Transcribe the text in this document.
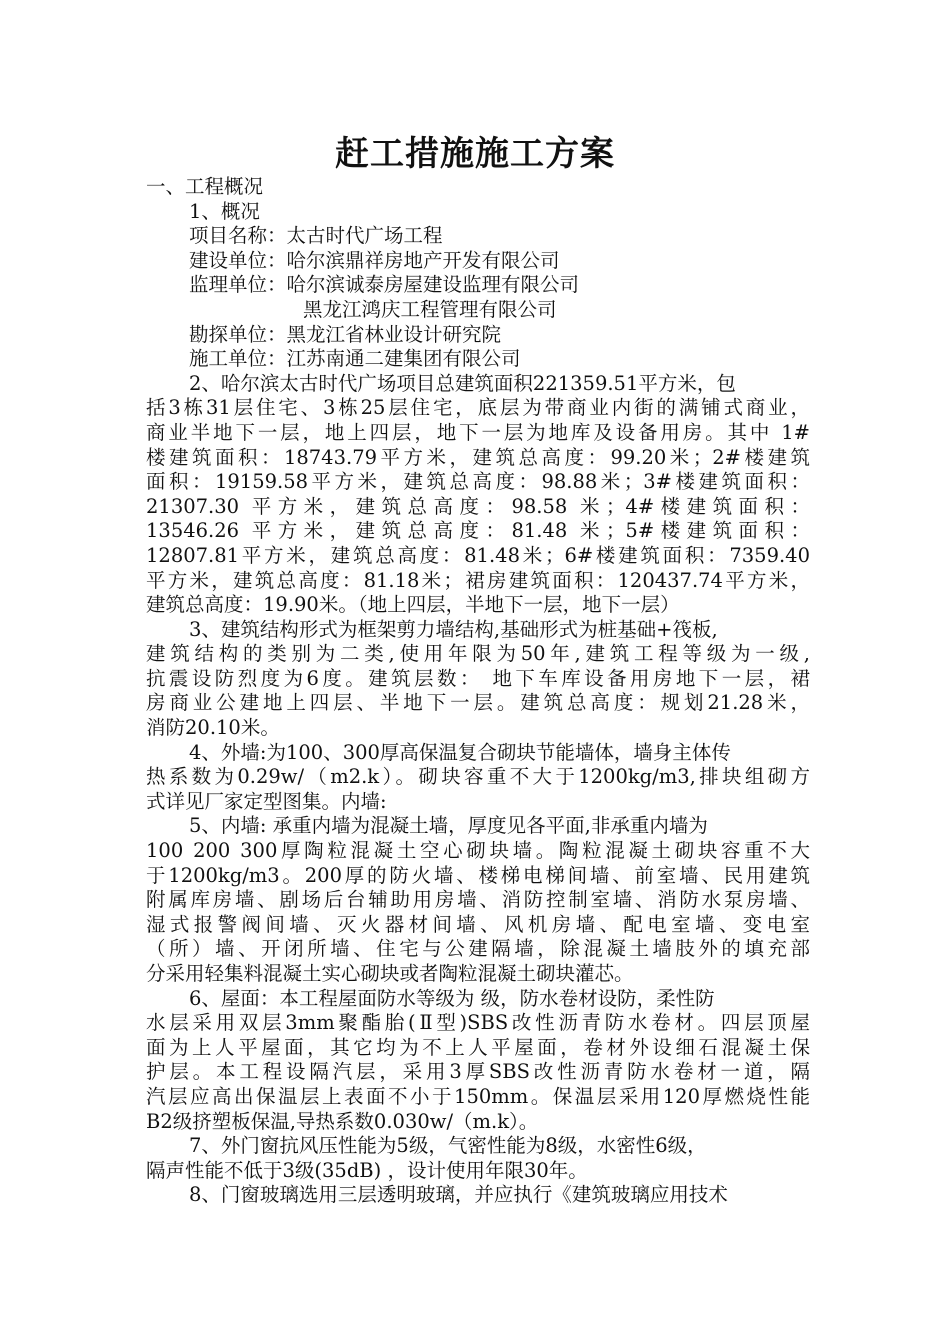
赶工措施施工方案
一、工程概况
1、概况
项目名称：太古时代广场工程
建设单位：哈尔滨鼎祥房地产开发有限公司
监理单位：哈尔滨诚泰房屋建设监理有限公司
黑龙江鸿庆工程管理有限公司
勘探单位：黑龙江省林业设计研究院
施工单位：江苏南通二建集团有限公司
2、哈尔滨太古时代广场项目总建筑面积221359.51平方米，包
括3栋31层住宅、3栋25层住宅，底层为带商业内街的满铺式商业，
商业半地下一层，地上四层，地下一层为地库及设备用房。其中 1#
楼建筑面积：18743.79平方米，建筑总高度：99.20米；2#楼建筑
面积：19159.58平方米，建筑总高度：98.88米；3#楼建筑面积：
21307.30 平方米，建筑总高度：98.58 米；4#楼建筑面积：
13546.26 平方米，建筑总高度：81.48 米；5#楼建筑面积：
12807.81平方米，建筑总高度：81.48米；6#楼建筑面积：7359.40
平方米，建筑总高度：81.18米；裙房建筑面积：120437.74平方米，
建筑总高度：19.90米。（地上四层，半地下一层，地下一层）
3、建筑结构形式为框架剪力墙结构,基础形式为桩基础+筏板,
建筑结构的类别为二类,使用年限为50年,建筑工程等级为一级,
抗震设防烈度为6度。建筑层数： 地下车库设备用房地下一层，裙
房商业公建地上四层、半地下一层。建筑总高度：规划21.28米，
消防20.10米。
4、外墙:为100、300厚高保温复合砌块节能墙体，墙身主体传
热系数为0.29w/（m2.k）。砌块容重不大于1200kg/m3,排块组砌方
式详见厂家定型图集。内墙:
5、内墙: 承重内墙为混凝土墙，厚度见各平面,非承重内墙为
100 200 300厚陶粒混凝土空心砌块墙。陶粒混凝土砌块容重不大
于1200kg/m3。200厚的防火墙、楼梯电梯间墙、前室墙、民用建筑
附属库房墙、剧场后台辅助用房墙、消防控制室墙、消防水泵房墙、
湿式报警阀间墙、灭火器材间墙、风机房墙、配电室墙、变电室
（所）墙、开闭所墙、住宅与公建隔墙，除混凝土墙肢外的填充部
分采用轻集料混凝土实心砌块或者陶粒混凝土砌块灌芯。
6、屋面：本工程屋面防水等级为 级，防水卷材设防，柔性防
水层采用双层3mm聚酯胎(Ⅱ型)SBS改性沥青防水卷材。四层顶屋
面为上人平屋面，其它均为不上人平屋面，卷材外设细石混凝土保
护层。本工程设隔汽层，采用3厚SBS改性沥青防水卷材一道，隔
汽层应高出保温层上表面不小于150mm。保温层采用120厚燃烧性能
B2级挤塑板保温,导热系数0.030w/（m.k）。
7、外门窗抗风压性能为5级，气密性能为8级，水密性6级，
隔声性能不低于3级(35dB) ，设计使用年限30年。
8、门窗玻璃选用三层透明玻璃，并应执行《建筑玻璃应用技术
